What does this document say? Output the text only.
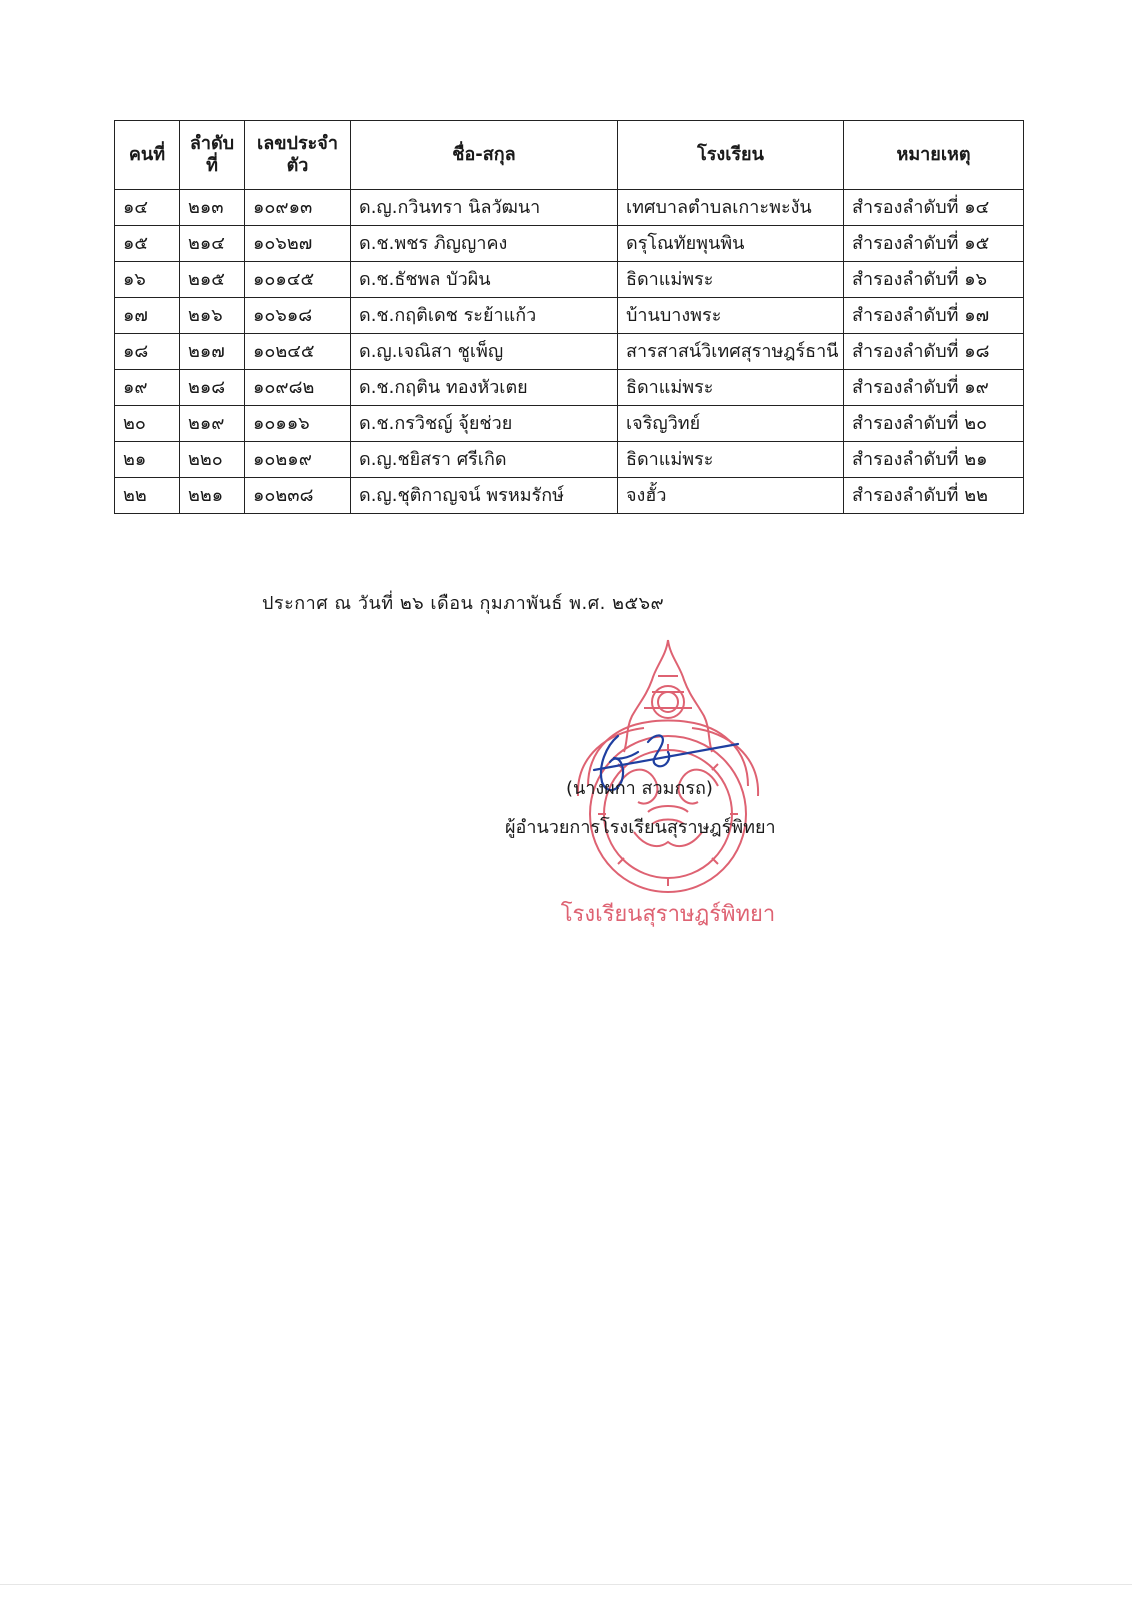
คนที่	ลำดับที่	เลขประจำตัว	ชื่อ-สกุล	โรงเรียน	หมายเหตุ
๑๔	๒๑๓	๑๐๙๑๓	ด.ญ.กวินทรา นิลวัฒนา	เทศบาลตำบลเกาะพะงัน	สำรองลำดับที่ ๑๔
๑๕	๒๑๔	๑๐๖๒๗	ด.ช.พชร ภิญญาคง	ดรุโณทัยพุนพิน	สำรองลำดับที่ ๑๕
๑๖	๒๑๕	๑๐๑๔๕	ด.ช.ธัชพล บัวผิน	ธิดาแม่พระ	สำรองลำดับที่ ๑๖
๑๗	๒๑๖	๑๐๖๑๘	ด.ช.กฤติเดช ระย้าแก้ว	บ้านบางพระ	สำรองลำดับที่ ๑๗
๑๘	๒๑๗	๑๐๒๔๕	ด.ญ.เจณิสา ชูเพ็ญ	สารสาสน์วิเทศสุราษฎร์ธานี	สำรองลำดับที่ ๑๘
๑๙	๒๑๘	๑๐๙๘๒	ด.ช.กฤติน ทองหัวเตย	ธิดาแม่พระ	สำรองลำดับที่ ๑๙
๒๐	๒๑๙	๑๐๑๑๖	ด.ช.กรวิชญ์ จุ้ยช่วย	เจริญวิทย์	สำรองลำดับที่ ๒๐
๒๑	๒๒๐	๑๐๒๑๙	ด.ญ.ชยิสรา ศรีเกิด	ธิดาแม่พระ	สำรองลำดับที่ ๒๑
๒๒	๒๒๑	๑๐๒๓๘	ด.ญ.ชุติกาญจน์ พรหมรักษ์	จงฮั้ว	สำรองลำดับที่ ๒๒
ประกาศ ณ วันที่ ๒๖ เดือน กุมภาพันธ์ พ.ศ. ๒๕๖๙
โรงเรียนสุราษฎร์พิทยา
(นางผกา สวมกรถ)
ผู้อำนวยการโรงเรียนสุราษฎร์พิทยา
